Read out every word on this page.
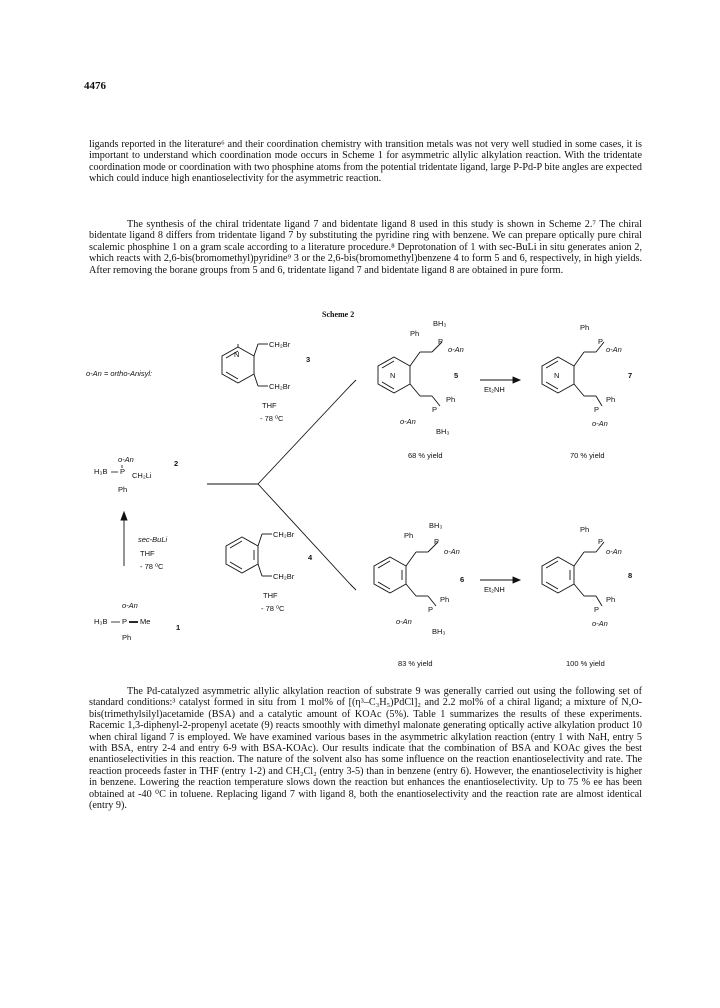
4476

ligands reported in the literature⁶ and their coordination chemistry with transition metals was not very well studied in some cases, it is important to understand which coordination mode occurs in Scheme 1 for asymmetric allylic alkylation reaction. With the tridentate coordination mode or coordination with two phosphine atoms from the potential tridentate ligand, large P-Pd-P bite angles are expected which could induce high enantioselectivity for the asymmetric reaction.

The synthesis of the chiral tridentate ligand 7 and bidentate ligand 8 used in this study is shown in Scheme 2.⁷ The chiral bidentate ligand 8 differs from tridentate ligand 7 by substituting the pyridine ring with benzene. We can prepare optically pure chiral scalemic phosphine 1 on a gram scale according to a literature procedure.⁸ Deprotonation of 1 with sec-BuLi in situ generates anion 2, which reacts with 2,6-bis(bromomethyl)pyridine⁹ 3 or the 2,6-bis(bromomethyl)benzene 4 to form 5 and 6, respectively, in high yields. After removing the borane groups from 5 and 6, tridentate ligand 7 and bidentate ligand 8 are obtained in pure form.

Scheme 2
o-An = ortho-Anisyl:
CH₂Br
N
CH₂Br
3
THF
- 78 ⁰C
o-An
H₃B P CH₂Li
Ph
2
sec-BuLi
THF
- 78 ⁰C
o-An
H₃B P Me
Ph
1
CH₂Br
CH₂Br
4
THF
- 78 ⁰C
BH₃
Ph
P
o-An
N
Ph
P
o-An
BH₃
5
68 % yield
Et₂NH
Ph
P
o-An
N
Ph
P
o-An
7
70 % yield
BH₃
Ph
P
o-An
Ph
P
o-An
BH₃
6
83 % yield
Et₂NH
Ph
P
o-An
Ph
P
o-An
8
100 % yield

The Pd-catalyzed asymmetric allylic alkylation reaction of substrate 9 was generally carried out using the following set of standard conditions:³ catalyst formed in situ from 1 mol% of [(η³–C₃H₅)PdCl]₂ and 2.2 mol% of a chiral ligand; a mixture of N,O-bis(trimethylsilyl)acetamide (BSA) and a catalytic amount of KOAc (5%). Table 1 summarizes the results of these experiments. Racemic 1,3-diphenyl-2-propenyl acetate (9) reacts smoothly with dimethyl malonate generating optically active alkylation product 10 when chiral ligand 7 is employed. We have examined various bases in the asymmetric alkylation reaction (entry 1 with NaH, entry 5 with BSA, entry 2-4 and entry 6-9 with BSA-KOAc). Our results indicate that the combination of BSA and KOAc gives the best enantioselectivities in this reaction. The nature of the solvent also has some influence on the reaction enantioselectivity and rate. The reaction proceeds faster in THF (entry 1-2) and CH₂Cl₂ (entry 3-5) than in benzene (entry 6). However, the enantioselectivity is higher in benzene. Lowering the reaction temperature slows down the reaction but enhances the enantioselectivity. Up to 75 % ee has been obtained at -40 ⁰C in toluene. Replacing ligand 7 with ligand 8, both the enantioselectivity and the reaction rate are almost identical (entry 9).
